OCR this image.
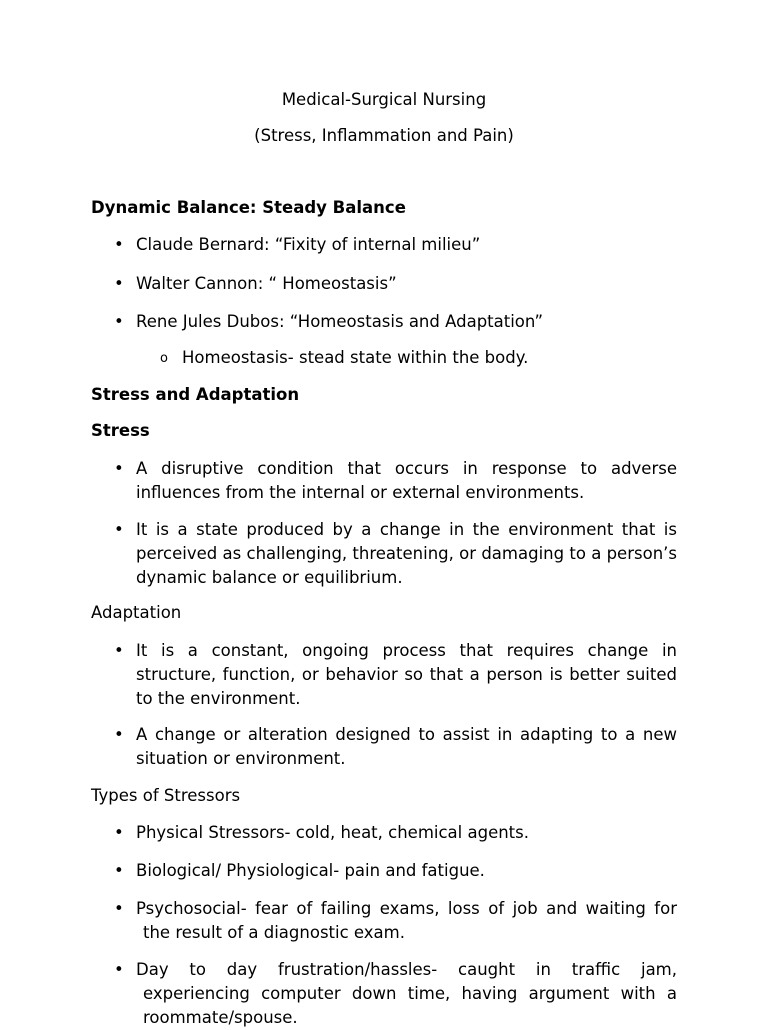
Medical-Surgical Nursing
(Stress, Inflammation and Pain)
Dynamic Balance: Steady Balance
• Claude Bernard: “Fixity of internal milieu”
• Walter Cannon: “ Homeostasis”
• Rene Jules Dubos: “Homeostasis and Adaptation”
o Homeostasis- stead state within the body.
Stress and Adaptation
Stress
• A disruptive condition that occurs in response to adverse influences from the internal or external environments.
• It is a state produced by a change in the environment that is perceived as challenging, threatening, or damaging to a person’s dynamic balance or equilibrium.
Adaptation
• It is a constant, ongoing process that requires change in structure, function, or behavior so that a person is better suited to the environment.
• A change or alteration designed to assist in adapting to a new situation or environment.
Types of Stressors
• Physical Stressors- cold, heat, chemical agents.
• Biological/ Physiological- pain and fatigue.
• Psychosocial- fear of failing exams, loss of job and waiting for the result of a diagnostic exam.
• Day to day frustration/hassles- caught in traffic jam, experiencing computer down time, having argument with a roommate/spouse.
